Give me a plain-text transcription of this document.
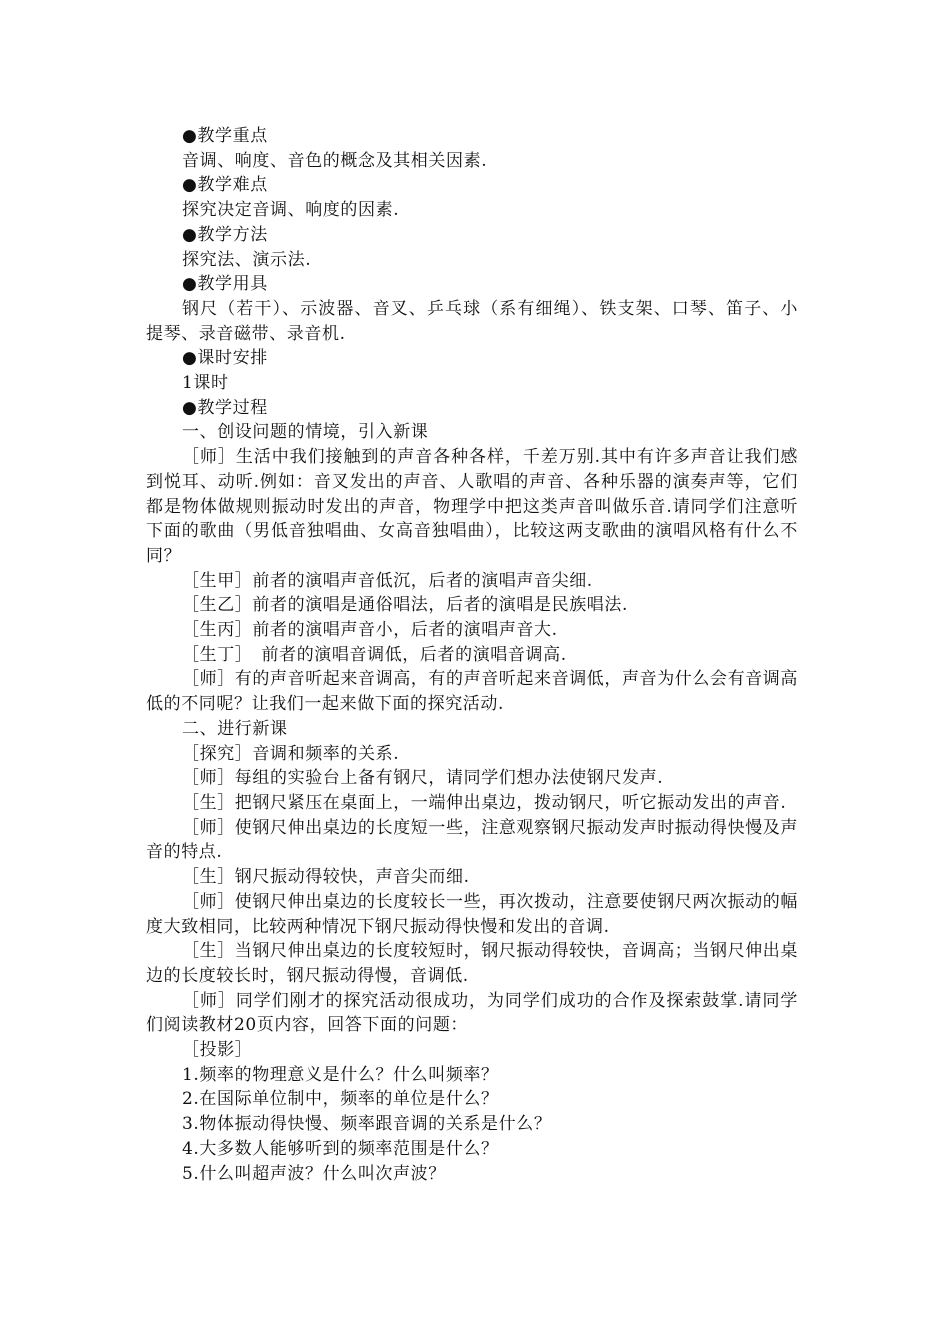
●教学重点

音调、响度、音色的概念及其相关因素.

●教学难点

探究决定音调、响度的因素.

●教学方法

探究法、演示法.

●教学用具

钢尺（若干）、示波器、音叉、乒乓球（系有细绳）、铁支架、口琴、笛子、小提琴、录音磁带、录音机.

●课时安排

1课时

●教学过程

一、创设问题的情境，引入新课

［师］生活中我们接触到的声音各种各样，千差万别.其中有许多声音让我们感到悦耳、动听.例如：音叉发出的声音、人歌唱的声音、各种乐器的演奏声等，它们都是物体做规则振动时发出的声音，物理学中把这类声音叫做乐音.请同学们注意听下面的歌曲（男低音独唱曲、女高音独唱曲），比较这两支歌曲的演唱风格有什么不同？

［生甲］前者的演唱声音低沉，后者的演唱声音尖细.

［生乙］前者的演唱是通俗唱法，后者的演唱是民族唱法.

［生丙］前者的演唱声音小，后者的演唱声音大.

［生丁］　前者的演唱音调低，后者的演唱音调高.

［师］有的声音听起来音调高，有的声音听起来音调低，声音为什么会有音调高低的不同呢？让我们一起来做下面的探究活动.

二、进行新课

［探究］音调和频率的关系.

［师］每组的实验台上备有钢尺，请同学们想办法使钢尺发声.

［生］把钢尺紧压在桌面上，一端伸出桌边，拨动钢尺，听它振动发出的声音.

［师］使钢尺伸出桌边的长度短一些，注意观察钢尺振动发声时振动得快慢及声音的特点.

［生］钢尺振动得较快，声音尖而细.

［师］使钢尺伸出桌边的长度较长一些，再次拨动，注意要使钢尺两次振动的幅度大致相同，比较两种情况下钢尺振动得快慢和发出的音调.

［生］当钢尺伸出桌边的长度较短时，钢尺振动得较快，音调高；当钢尺伸出桌边的长度较长时，钢尺振动得慢，音调低.

［师］同学们刚才的探究活动很成功，为同学们成功的合作及探索鼓掌.请同学们阅读教材20页内容，回答下面的问题：

［投影］

1.频率的物理意义是什么？什么叫频率？

2.在国际单位制中，频率的单位是什么？

3.物体振动得快慢、频率跟音调的关系是什么？

4.大多数人能够听到的频率范围是什么？

5.什么叫超声波？什么叫次声波？
